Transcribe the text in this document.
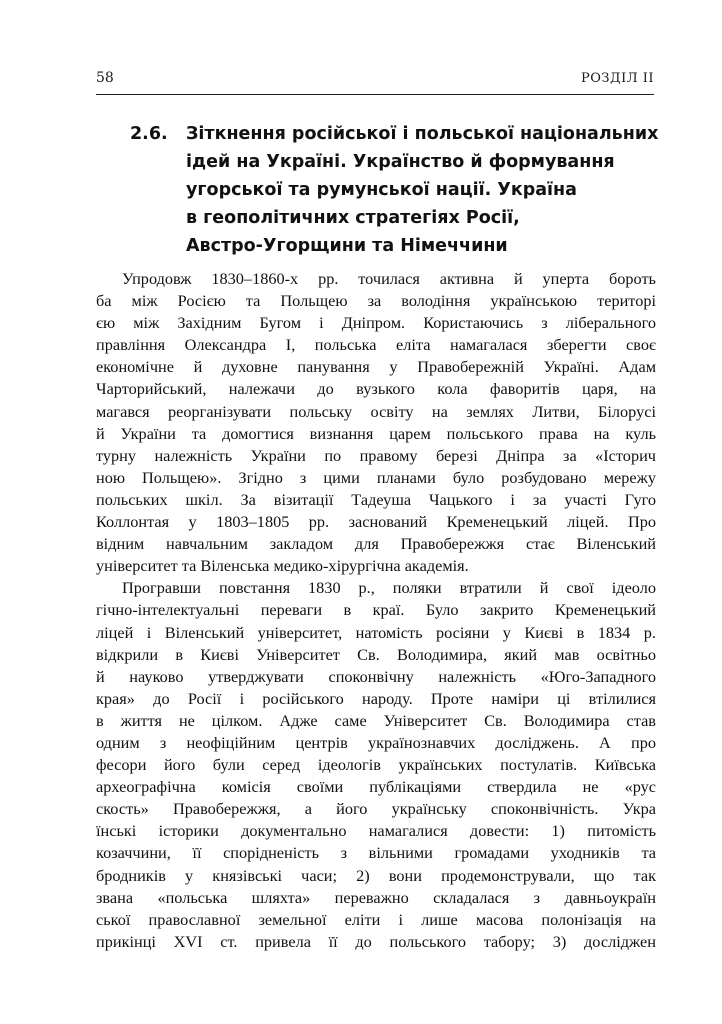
58	РОЗДІЛ II
2.6.	Зіткнення російської і польської національних
ідей на Україні. Українство й формування
угорської та румунської нації. Україна
в геополітичних стратегіях Росії,
Австро-Угорщини та Німеччини
Упродовж 1830–1860-х рр. точилася активна й уперта бороть
ба між Росією та Польщею за володіння українською територі
єю між Західним Бугом і Дніпром. Користаючись з ліберального
правління Олександра I, польська еліта намагалася зберегти своє
економічне й духовне панування у Правобережній Україні. Адам
Чарторийський, належачи до вузького кола фаворитів царя, на
магався реорганізувати польську освіту на землях Литви, Білорусі
й України та домогтися визнання царем польського права на куль
турну належність України по правому березі Дніпра за «Історич
ною Польщею». Згідно з цими планами було розбудовано мережу
польських шкіл. За візитації Тадеуша Чацького і за участі Гуго
Коллонтая у 1803–1805 рр. заснований Кременецький ліцей. Про
відним навчальним закладом для Правобережжя стає Віленський
університет та Віленська медико-хірургічна академія.
Програвши повстання 1830 р., поляки втратили й свої ідеоло
гічно-інтелектуальні переваги в краї. Було закрито Кременецький
ліцей і Віленський університет, натомість росіяни у Києві в 1834 р.
відкрили в Києві Університет Св. Володимира, який мав освітньо
й науково утверджувати споконвічну належність «Юго-Западного
края» до Росії і російського народу. Проте наміри ці втілилися
в життя не цілком. Адже саме Університет Св. Володимира став
одним з неофіційним центрів українознавчих досліджень. А про
фесори його були серед ідеологів українських постулатів. Київська
археографічна комісія своїми публікаціями ствердила не «рус
скость» Правобережжя, а його українську споконвічність. Укра
їнські історики документально намагалися довести: 1) питомість
козаччини, її спорідненість з вільними громадами уходників та
бродників у князівські часи; 2) вони продемонстрували, що так
звана «польська шляхта» переважно складалася з давньоукраїн
ської православної земельної еліти і лише масова полонізація на
прикінці XVI ст. привела її до польського табору; 3) досліджен
